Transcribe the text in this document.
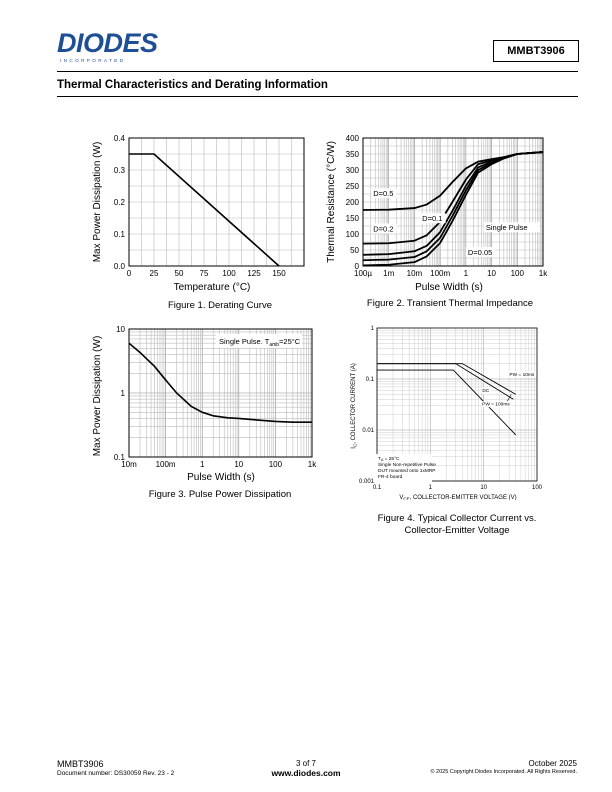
DIODES
INCORPORATED
MMBT3906
Thermal Characteristics and Derating Information
0 25 50 75 100 125 150
0.0
0.1
0.2
0.3
0.4
Temperature (°C)
Max Power Dissipation (W)
Figure 1. Derating Curve
100µ 1m 10m 100m 1 10 100 1k
0
50
100
150
200
250
300
350
400
D=0.5
D=0.1
D=0.2	Single Pulse
D=0.05
Pulse Width (s)
Thermal Resistance (°C/W)
Figure 2. Transient Thermal Impedance
10m 100m	1	10	100	1k
0.1
1
10
Single Pulse. $T_{amb}=25^\circ C$
Pulse Width (s)
Max Power Dissipation (W)
Figure 3. Pulse Power Dissipation
0.1	1	10	100
0.001
0.01
0.1
1
PW = 10ms
DC
PW = 100ms
$T_A = 25^\circ C$
Single Non-repetitive Pulse
DUT mounted onto 1xMRP
FR-4 board
$V_{CE}$, COLLECTOR-EMITTER VOLTAGE (V)
$I_C$, COLLECTOR CURRENT (A)
Figure 4. Typical Collector Current vs.
Collector-Emitter Voltage
MMBT3906
Document number: DS30059 Rev. 23 - 2
3 of 7
www.diodes.com
October 2025
© 2025 Copyright Diodes Incorporated. All Rights Reserved.
